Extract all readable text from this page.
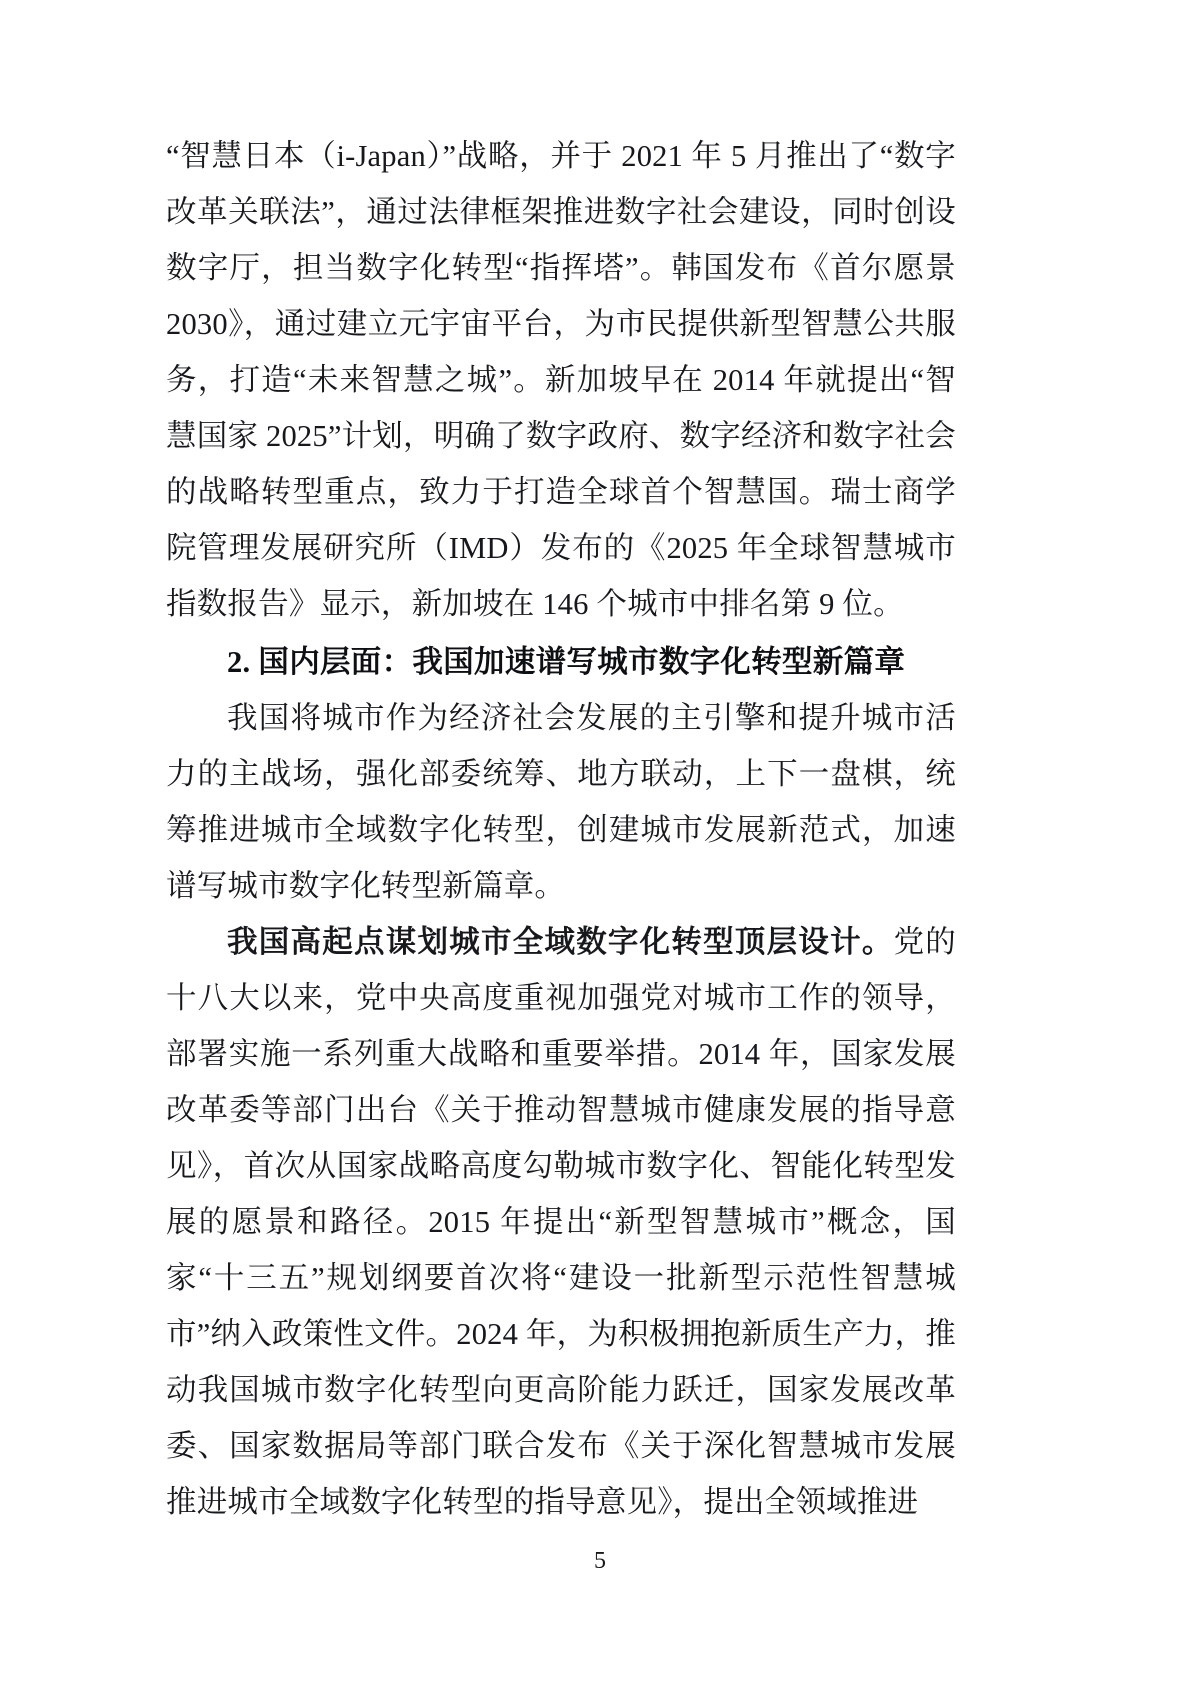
“智慧日本（i-Japan）”战略，并于 2021 年 5 月推出了“数字改革关联法”，通过法律框架推进数字社会建设，同时创设数字厅，担当数字化转型“指挥塔”。韩国发布《首尔愿景 2030》，通过建立元宇宙平台，为市民提供新型智慧公共服务，打造“未来智慧之城”。新加坡早在 2014 年就提出“智慧国家 2025”计划，明确了数字政府、数字经济和数字社会的战略转型重点，致力于打造全球首个智慧国。瑞士商学院管理发展研究所（IMD）发布的《2025 年全球智慧城市指数报告》显示，新加坡在 146 个城市中排名第 9 位。

2. 国内层面：我国加速谱写城市数字化转型新篇章

我国将城市作为经济社会发展的主引擎和提升城市活力的主战场，强化部委统筹、地方联动，上下一盘棋，统筹推进城市全域数字化转型，创建城市发展新范式，加速谱写城市数字化转型新篇章。

我国高起点谋划城市全域数字化转型顶层设计。党的十八大以来，党中央高度重视加强党对城市工作的领导，部署实施一系列重大战略和重要举措。2014 年，国家发展改革委等部门出台《关于推动智慧城市健康发展的指导意见》，首次从国家战略高度勾勒城市数字化、智能化转型发展的愿景和路径。2015 年提出“新型智慧城市”概念，国家“十三五”规划纲要首次将“建设一批新型示范性智慧城市”纳入政策性文件。2024 年，为积极拥抱新质生产力，推动我国城市数字化转型向更高阶能力跃迁，国家发展改革委、国家数据局等部门联合发布《关于深化智慧城市发展 推进城市全域数字化转型的指导意见》，提出全领域推进

5
